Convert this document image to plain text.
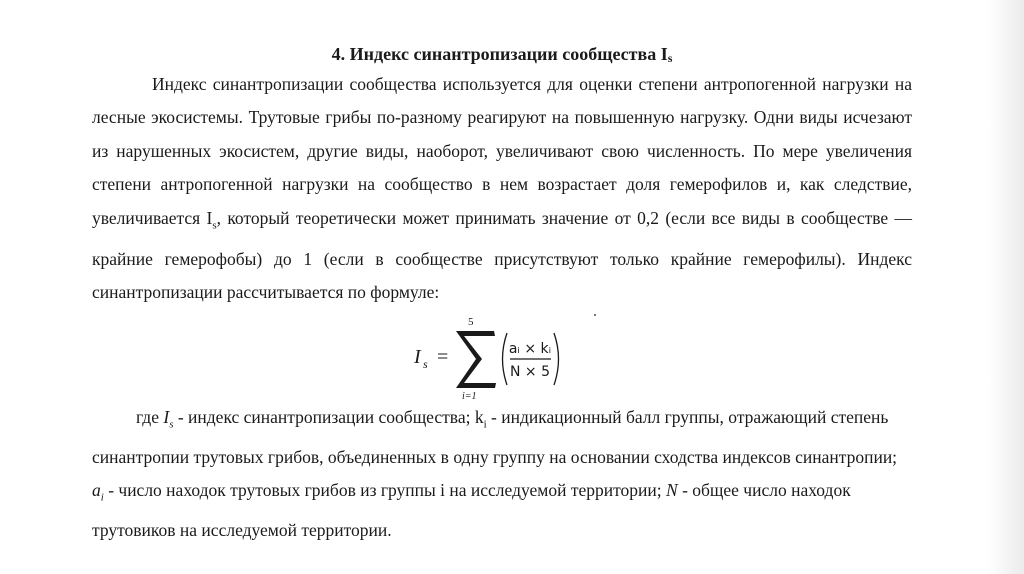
4. Индекс синантропизации сообщества Is

Индекс синантропизации сообщества используется для оценки степени антропогенной нагрузки на лесные экосистемы. Трутовые грибы по-разному реагируют на повышенную нагрузку. Одни виды исчезают из нарушенных экосистем, другие виды, наоборот, увеличивают свою численность. По мере увеличения степени антропогенной нагрузки на сообщество в нем возрастает доля гемерофилов и, как следствие, увеличивается $I_s$, который теоретически может принимать значение от 0,2 (если все виды в сообществе — крайние гемерофобы) до 1 (если в сообществе присутствуют только крайние гемерофилы). Индекс синантропизации рассчитывается по формуле:

I s =
5
i=1
aᵢ × kᵢ
N × 5

где $I_s$ - индекс синантропизации сообщества; $k_i$ - индикационный балл группы, отражающий степень синантропии трутовых грибов, объединенных в одну группу на основании сходства индексов синантропии; $a_i$ - число находок трутовых грибов из группы i на исследуемой территории; N - общее число находок трутовиков на исследуемой территории.
